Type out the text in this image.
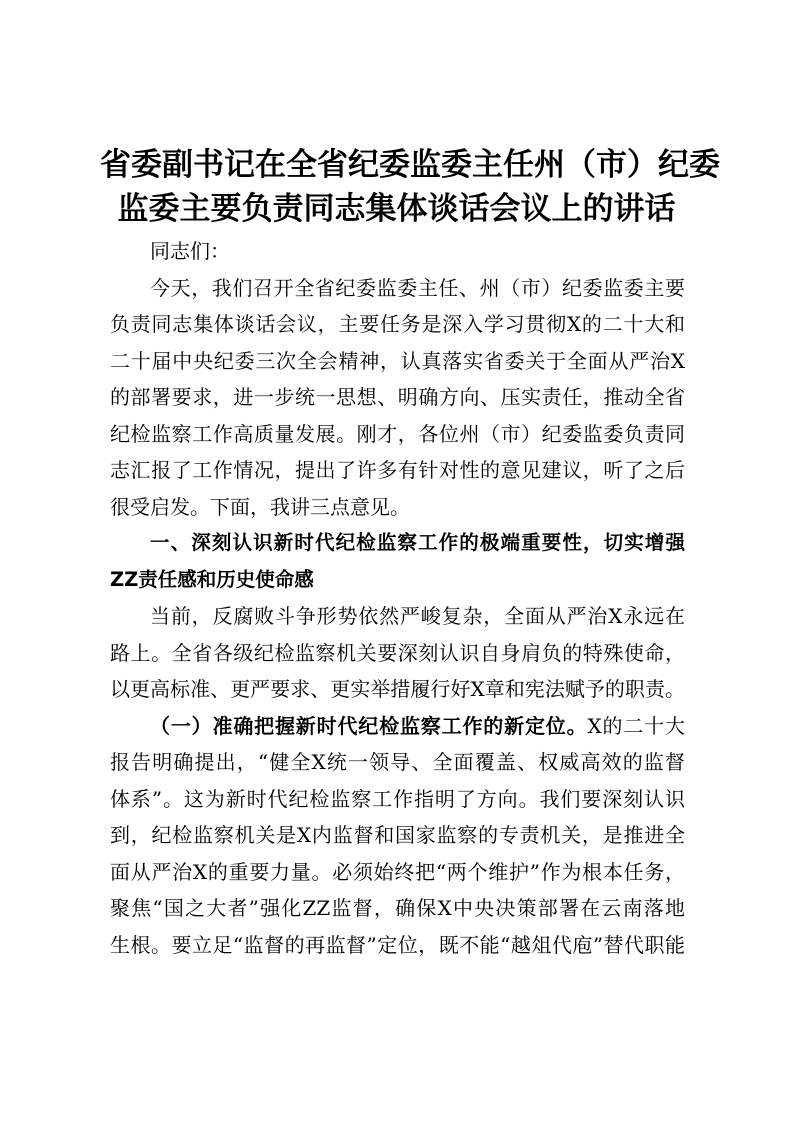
省委副书记在全省纪委监委主任州（市）纪委
监委主要负责同志集体谈话会议上的讲话
同志们：
今天，我们召开全省纪委监委主任、州（市）纪委监委主要
负责同志集体谈话会议，主要任务是深入学习贯彻X的二十大和
二十届中央纪委三次全会精神，认真落实省委关于全面从严治X
的部署要求，进一步统一思想、明确方向、压实责任，推动全省
纪检监察工作高质量发展。刚才，各位州（市）纪委监委负责同
志汇报了工作情况，提出了许多有针对性的意见建议，听了之后
很受启发。下面，我讲三点意见。
一、深刻认识新时代纪检监察工作的极端重要性，切实增强
ZZ责任感和历史使命感
当前，反腐败斗争形势依然严峻复杂，全面从严治X永远在
路上。全省各级纪检监察机关要深刻认识自身肩负的特殊使命，
以更高标准、更严要求、更实举措履行好X章和宪法赋予的职责。
（一）准确把握新时代纪检监察工作的新定位。X的二十大
报告明确提出，“健全X统一领导、全面覆盖、权威高效的监督
体系”。这为新时代纪检监察工作指明了方向。我们要深刻认识
到，纪检监察机关是X内监督和国家监察的专责机关，是推进全
面从严治X的重要力量。必须始终把“两个维护”作为根本任务，
聚焦“国之大者”强化ZZ监督，确保X中央决策部署在云南落地
生根。要立足“监督的再监督”定位，既不能“越俎代庖”替代职能
